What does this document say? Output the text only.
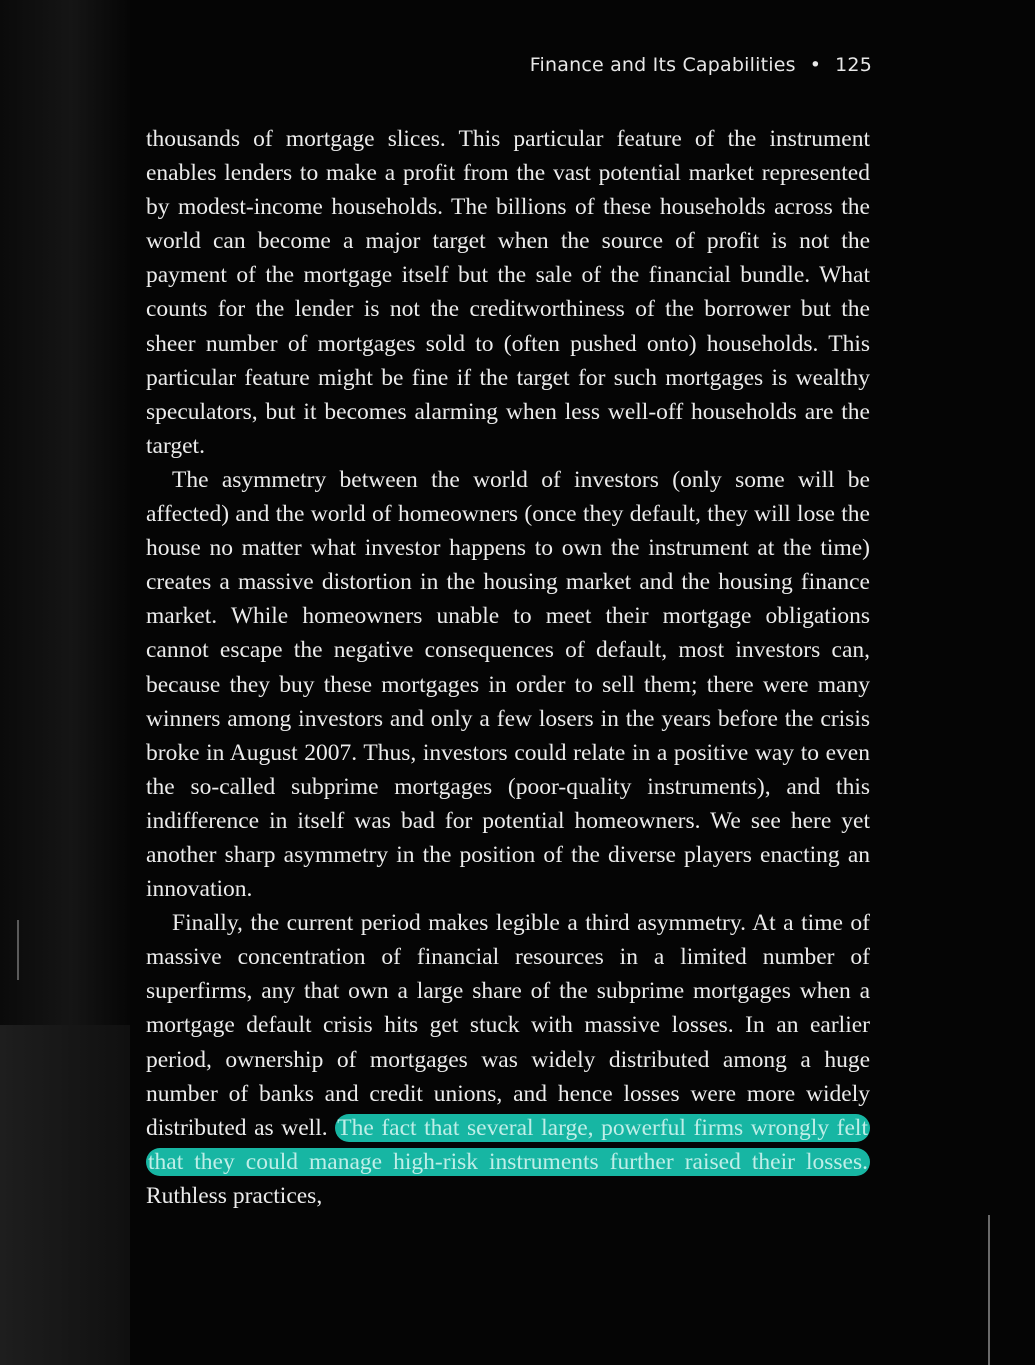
Finance and Its Capabilities • 125

thousands of mortgage slices. This particular feature of the instrument enables lenders to make a profit from the vast potential market represented by modest-income households. The billions of these households across the world can become a major target when the source of profit is not the payment of the mortgage itself but the sale of the financial bundle. What counts for the lender is not the creditworthiness of the borrower but the sheer number of mortgages sold to (often pushed onto) households. This particular feature might be fine if the target for such mortgages is wealthy speculators, but it becomes alarming when less well-off households are the target.

The asymmetry between the world of investors (only some will be affected) and the world of homeowners (once they default, they will lose the house no matter what investor happens to own the instrument at the time) creates a massive distortion in the housing market and the housing finance market. While homeowners unable to meet their mortgage obligations cannot escape the negative consequences of default, most investors can, because they buy these mortgages in order to sell them; there were many winners among investors and only a few losers in the years before the crisis broke in August 2007. Thus, investors could relate in a positive way to even the so-called subprime mortgages (poor-quality instruments), and this indifference in itself was bad for potential homeowners. We see here yet another sharp asymmetry in the position of the diverse players enacting an innovation.

Finally, the current period makes legible a third asymmetry. At a time of massive concentration of financial resources in a limited number of superfirms, any that own a large share of the subprime mortgages when a mortgage default crisis hits get stuck with massive losses. In an earlier period, ownership of mortgages was widely distributed among a huge number of banks and credit unions, and hence losses were more widely distributed as well. The fact that several large, powerful firms wrongly felt that they could manage high-risk instruments further raised their losses. Ruthless practices,
